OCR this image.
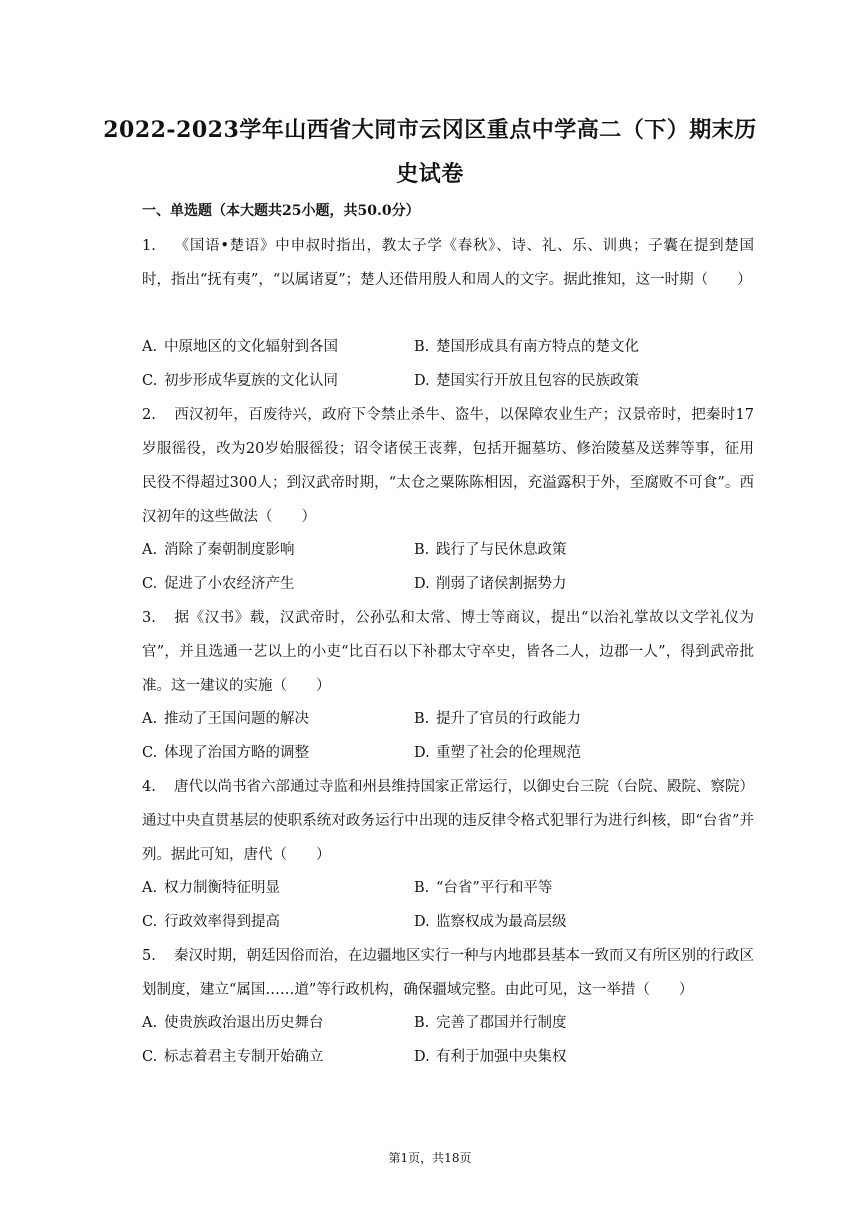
2022-2023学年山西省大同市云冈区重点中学高二（下）期末历
史试卷
一、单选题（本大题共25小题，共50.0分）
1. 《国语•楚语》中申叔时指出，教太子学《春秋》、诗、礼、乐、训典；子囊在提到楚国时，指出“抚有夷”，“以属诸夏”；楚人还借用殷人和周人的文字。据此推知，这一时期（　　）
A. 中原地区的文化辐射到各国	B. 楚国形成具有南方特点的楚文化
C. 初步形成华夏族的文化认同	D. 楚国实行开放且包容的民族政策
2. 西汉初年，百废待兴，政府下令禁止杀牛、盗牛，以保障农业生产；汉景帝时，把秦时17岁服徭役，改为20岁始服徭役；诏令诸侯王丧葬，包括开掘墓坊、修治陵墓及送葬等事，征用民役不得超过300人；到汉武帝时期，“太仓之粟陈陈相因，充溢露积于外，至腐败不可食”。西汉初年的这些做法（　　）
A. 消除了秦朝制度影响	B. 践行了与民休息政策
C. 促进了小农经济产生	D. 削弱了诸侯割据势力
3. 据《汉书》载，汉武帝时，公孙弘和太常、博士等商议，提出“以治礼掌故以文学礼仪为官”，并且选通一艺以上的小吏“比百石以下补郡太守卒史，皆各二人，边郡一人”，得到武帝批准。这一建议的实施（　　）
A. 推动了王国问题的解决	B. 提升了官员的行政能力
C. 体现了治国方略的调整	D. 重塑了社会的伦理规范
4. 唐代以尚书省六部通过寺监和州县维持国家正常运行，以御史台三院（台院、殿院、察院）通过中央直贯基层的使职系统对政务运行中出现的违反律令格式犯罪行为进行纠核，即“台省”并列。据此可知，唐代（　　）
A. 权力制衡特征明显	B. “台省”平行和平等
C. 行政效率得到提高	D. 监察权成为最高层级
5. 秦汉时期，朝廷因俗而治，在边疆地区实行一种与内地郡县基本一致而又有所区别的行政区划制度，建立“属国……道”等行政机构，确保疆域完整。由此可见，这一举措（　　）
A. 使贵族政治退出历史舞台	B. 完善了郡国并行制度
C. 标志着君主专制开始确立	D. 有利于加强中央集权
第1页，共18页
